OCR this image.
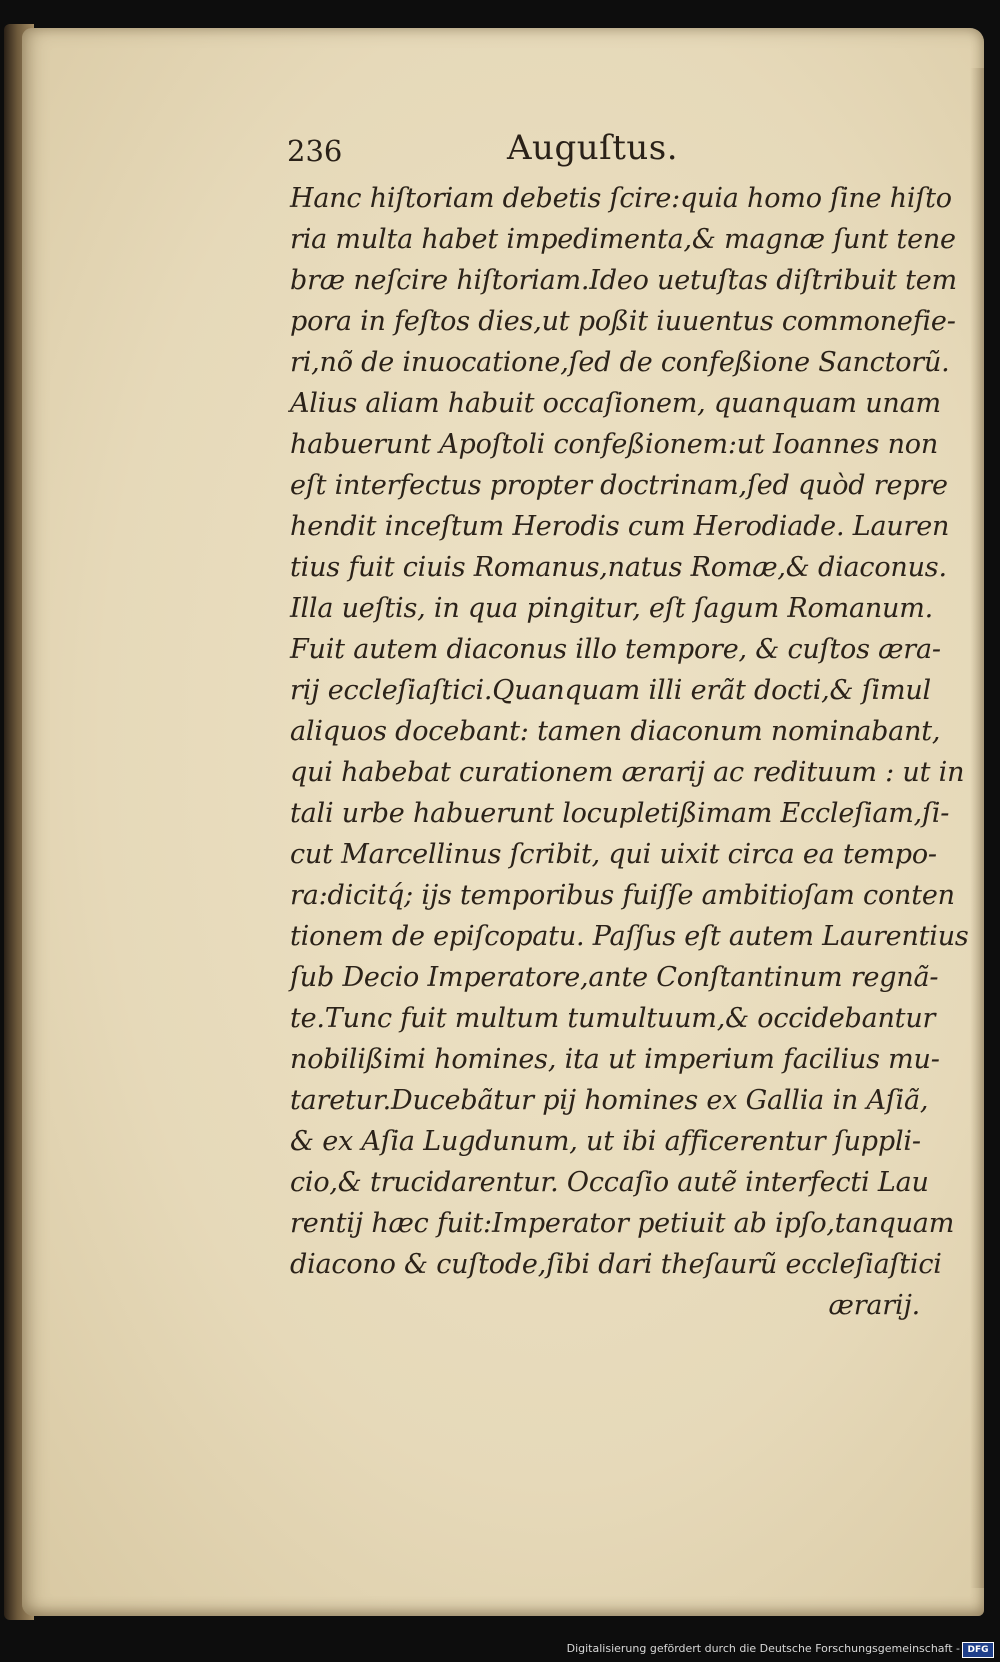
236	Auguſtus.
Hanc hiſtoriam debetis ſcire:quia homo ſine hiſto
ria multa habet impedimenta,& magnæ ſunt tene
bræ neſcire hiſtoriam.Ideo uetuſtas diſtribuit tem
pora in feſtos dies,ut poßit iuuentus commonefie-
ri,nõ de inuocatione,ſed de confeßione Sanctorũ.
Alius aliam habuit occaſionem, quanquam unam
habuerunt Apoſtoli confeßionem:ut Ioannes non
eſt interfectus propter doctrinam,ſed quòd repre
hendit inceſtum Herodis cum Herodiade. Lauren
tius fuit ciuis Romanus,natus Romæ,& diaconus.
Illa ueſtis, in qua pingitur, eſt ſagum Romanum.
Fuit autem diaconus illo tempore, & cuſtos æra-
rij eccleſiaſtici.Quanquam illi erãt docti,& ſimul
aliquos docebant: tamen diaconum nominabant,
qui habebat curationem ærarij ac redituum : ut in
tali urbe habuerunt locupletißimam Eccleſiam,ſi-
cut Marcellinus ſcribit, qui uixit circa ea tempo-
ra:dicitq́; ijs temporibus fuiſſe ambitioſam conten
tionem de epiſcopatu. Paſſus eſt autem Laurentius
ſub Decio Imperatore,ante Conſtantinum regnã-
te.Tunc fuit multum tumultuum,& occidebantur
nobilißimi homines, ita ut imperium facilius mu-
taretur.Ducebãtur pij homines ex Gallia in Aſiã,
& ex Aſia Lugdunum, ut ibi afficerentur ſuppli-
cio,& trucidarentur. Occaſio autẽ interfecti Lau
rentij hæc fuit:Imperator petiuit ab ipſo,tanquam
diacono & cuſtode,ſibi dari theſaurũ eccleſiaſtici
ærarij.
Digitalisierung gefördert durch die Deutsche Forschungsgemeinschaft - DFG
